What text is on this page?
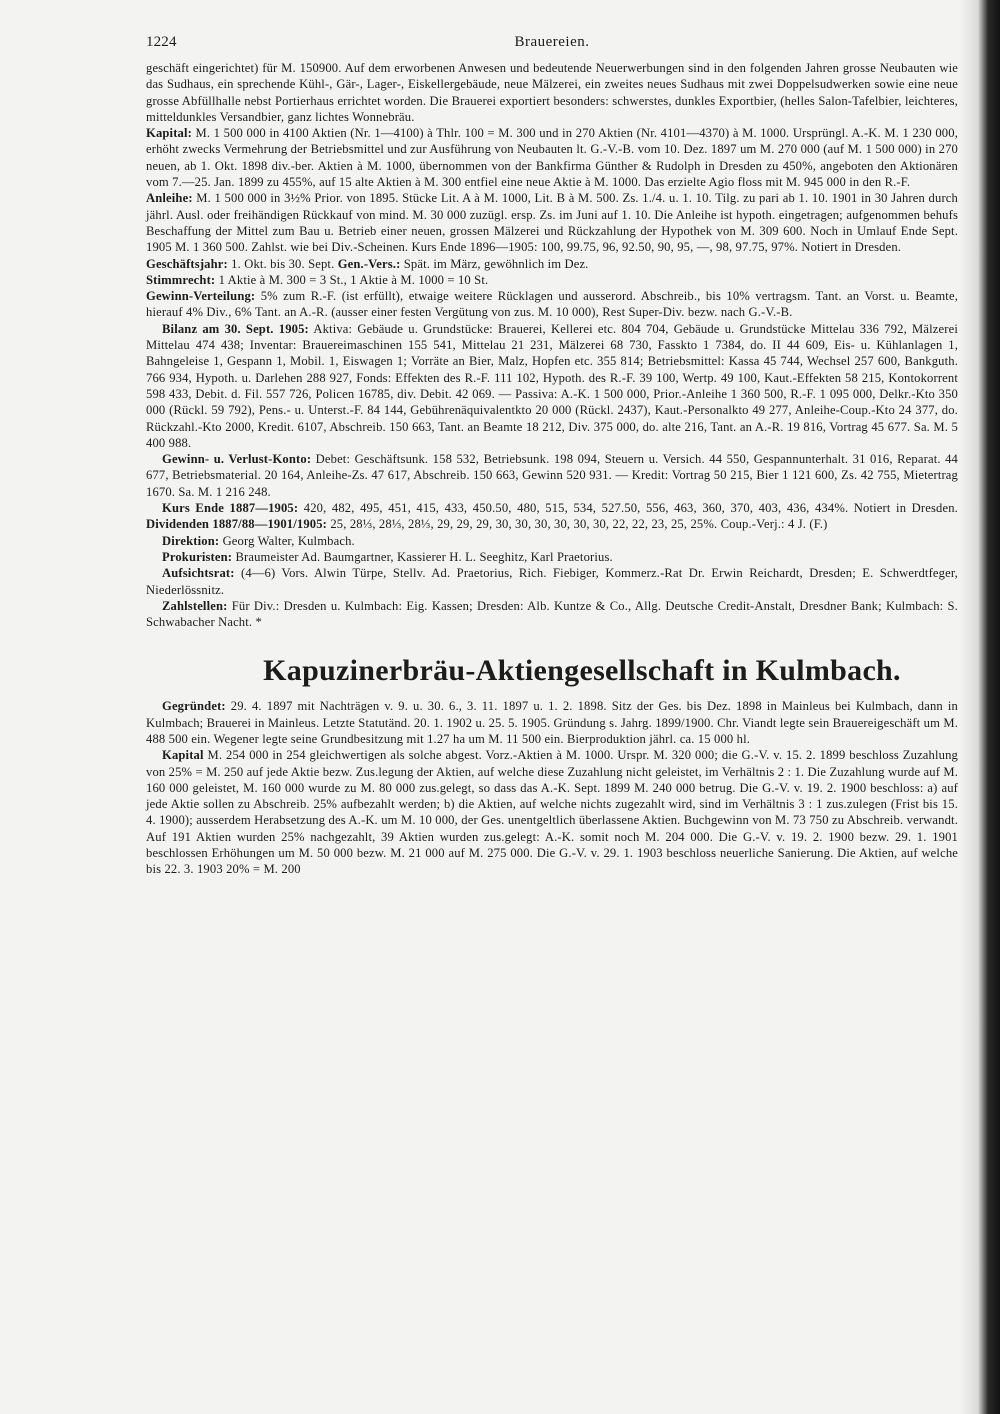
1224	Brauereien.

geschäft eingerichtet) für M. 150900. Auf dem erworbenen Anwesen und bedeutende Neuerwerbungen sind in den folgenden Jahren grosse Neubauten wie das Sudhaus, ein sprechende Kühl-, Gär-, Lager-, Eiskellergebäude, neue Mälzerei, ein zweites neues Sudhaus mit zwei Doppelsudwerken sowie eine neue grosse Abfüllhalle nebst Portierhaus errichtet worden. Die Brauerei exportiert besonders: schwerstes, dunkles Exportbier, (helles Salon-Tafelbier, leichteres, mitteldunkles Versandbier, ganz lichtes Wonnebräu.

Kapital: M. 1 500 000 in 4100 Aktien (Nr. 1—4100) à Thlr. 100 = M. 300 und in 270 Aktien (Nr. 4101—4370) à M. 1000. Ursprüngl. A.-K. M. 1 230 000, erhöht zwecks Vermehrung der Betriebsmittel und zur Ausführung von Neubauten lt. G.-V.-B. vom 10. Dez. 1897 um M. 270 000 (auf M. 1 500 000) in 270 neuen, ab 1. Okt. 1898 div.-ber. Aktien à M. 1000, übernommen von der Bankfirma Günther & Rudolph in Dresden zu 450%, angeboten den Aktionären vom 7.—25. Jan. 1899 zu 455%, auf 15 alte Aktien à M. 300 entfiel eine neue Aktie à M. 1000. Das erzielte Agio floss mit M. 945 000 in den R.-F.

Anleihe: M. 1 500 000 in 3½% Prior. von 1895. Stücke Lit. A à M. 1000, Lit. B à M. 500. Zs. 1./4. u. 1. 10. Tilg. zu pari ab 1. 10. 1901 in 30 Jahren durch jährl. Ausl. oder freihändigen Rückkauf von mind. M. 30 000 zuzügl. ersp. Zs. im Juni auf 1. 10. Die Anleihe ist hypoth. eingetragen; aufgenommen behufs Beschaffung der Mittel zum Bau u. Betrieb einer neuen, grossen Mälzerei und Rückzahlung der Hypothek von M. 309 600. Noch in Umlauf Ende Sept. 1905 M. 1 360 500. Zahlst. wie bei Div.-Scheinen. Kurs Ende 1896—1905: 100, 99.75, 96, 92.50, 90, 95, —, 98, 97.75, 97%. Notiert in Dresden.

Geschäftsjahr: 1. Okt. bis 30. Sept. Gen.-Vers.: Spät. im März, gewöhnlich im Dez.

Stimmrecht: 1 Aktie à M. 300 = 3 St., 1 Aktie à M. 1000 = 10 St.

Gewinn-Verteilung: 5% zum R.-F. (ist erfüllt), etwaige weitere Rücklagen und ausserord. Abschreib., bis 10% vertragsm. Tant. an Vorst. u. Beamte, hierauf 4% Div., 6% Tant. an A.-R. (ausser einer festen Vergütung von zus. M. 10 000), Rest Super-Div. bezw. nach G.-V.-B.

Bilanz am 30. Sept. 1905: Aktiva: Gebäude u. Grundstücke: Brauerei, Kellerei etc. 804 704, Gebäude u. Grundstücke Mittelau 336 792, Mälzerei Mittelau 474 438; Inventar: Brauereimaschinen 155 541, Mittelau 21 231, Mälzerei 68 730, Fasskto 1 7384, do. II 44 609, Eis- u. Kühlanlagen 1, Bahngeleise 1, Gespann 1, Mobil. 1, Eiswagen 1; Vorräte an Bier, Malz, Hopfen etc. 355 814; Betriebsmittel: Kassa 45 744, Wechsel 257 600, Bankguth. 766 934, Hypoth. u. Darlehen 288 927, Fonds: Effekten des R.-F. 111 102, Hypoth. des R.-F. 39 100, Wertp. 49 100, Kaut.-Effekten 58 215, Kontokorrent 598 433, Debit. d. Fil. 557 726, Policen 16785, div. Debit. 42 069. — Passiva: A.-K. 1 500 000, Prior.-Anleihe 1 360 500, R.-F. 1 095 000, Delkr.-Kto 350 000 (Rückl. 59 792), Pens.- u. Unterst.-F. 84 144, Gebührenäquivalentkto 20 000 (Rückl. 2437), Kaut.-Personalkto 49 277, Anleihe-Coup.-Kto 24 377, do. Rückzahl.-Kto 2000, Kredit. 6107, Abschreib. 150 663, Tant. an Beamte 18 212, Div. 375 000, do. alte 216, Tant. an A.-R. 19 816, Vortrag 45 677. Sa. M. 5 400 988.

Gewinn- u. Verlust-Konto: Debet: Geschäftsunk. 158 532, Betriebsunk. 198 094, Steuern u. Versich. 44 550, Gespannunterhalt. 31 016, Reparat. 44 677, Betriebsmaterial. 20 164, Anleihe-Zs. 47 617, Abschreib. 150 663, Gewinn 520 931. — Kredit: Vortrag 50 215, Bier 1 121 600, Zs. 42 755, Mietertrag 1670. Sa. M. 1 216 248.

Kurs Ende 1887—1905: 420, 482, 495, 451, 415, 433, 450.50, 480, 515, 534, 527.50, 556, 463, 360, 370, 403, 436, 434%. Notiert in Dresden. Dividenden 1887/88—1901/1905: 25, 28⅓, 28⅓, 28⅓, 29, 29, 29, 30, 30, 30, 30, 30, 30, 22, 22, 23, 25, 25%. Coup.-Verj.: 4 J. (F.)

Direktion: Georg Walter, Kulmbach.

Prokuristen: Braumeister Ad. Baumgartner, Kassierer H. L. Seeghitz, Karl Praetorius.

Aufsichtsrat: (4—6) Vors. Alwin Türpe, Stellv. Ad. Praetorius, Rich. Fiebiger, Kommerz.-Rat Dr. Erwin Reichardt, Dresden; E. Schwerdtfeger, Niederlössnitz.

Zahlstellen: Für Div.: Dresden u. Kulmbach: Eig. Kassen; Dresden: Alb. Kuntze & Co., Allg. Deutsche Credit-Anstalt, Dresdner Bank; Kulmbach: S. Schwabacher Nacht. *

Kapuzinerbräu-Aktiengesellschaft in Kulmbach.

Gegründet: 29. 4. 1897 mit Nachträgen v. 9. u. 30. 6., 3. 11. 1897 u. 1. 2. 1898. Sitz der Ges. bis Dez. 1898 in Mainleus bei Kulmbach, dann in Kulmbach; Brauerei in Mainleus. Letzte Statutänd. 20. 1. 1902 u. 25. 5. 1905. Gründung s. Jahrg. 1899/1900. Chr. Viandt legte sein Brauereigeschäft um M. 488 500 ein. Wegener legte seine Grundbesitzung mit 1.27 ha um M. 11 500 ein. Bierproduktion jährl. ca. 15 000 hl.

Kapital M. 254 000 in 254 gleichwertigen als solche abgest. Vorz.-Aktien à M. 1000. Urspr. M. 320 000; die G.-V. v. 15. 2. 1899 beschloss Zuzahlung von 25% = M. 250 auf jede Aktie bezw. Zus.legung der Aktien, auf welche diese Zuzahlung nicht geleistet, im Verhältnis 2 : 1. Die Zuzahlung wurde auf M. 160 000 geleistet, M. 160 000 wurde zu M. 80 000 zus.gelegt, so dass das A.-K. Sept. 1899 M. 240 000 betrug. Die G.-V. v. 19. 2. 1900 beschloss: a) auf jede Aktie sollen zu Abschreib. 25% aufbezahlt werden; b) die Aktien, auf welche nichts zugezahlt wird, sind im Verhältnis 3 : 1 zus.zulegen (Frist bis 15. 4. 1900); ausserdem Herabsetzung des A.-K. um M. 10 000, der Ges. unentgeltlich überlassene Aktien. Buchgewinn von M. 73 750 zu Abschreib. verwandt. Auf 191 Aktien wurden 25% nachgezahlt, 39 Aktien wurden zus.gelegt: A.-K. somit noch M. 204 000. Die G.-V. v. 19. 2. 1900 bezw. 29. 1. 1901 beschlossen Erhöhungen um M. 50 000 bezw. M. 21 000 auf M. 275 000. Die G.-V. v. 29. 1. 1903 beschloss neuerliche Sanierung. Die Aktien, auf welche bis 22. 3. 1903 20% = M. 200
